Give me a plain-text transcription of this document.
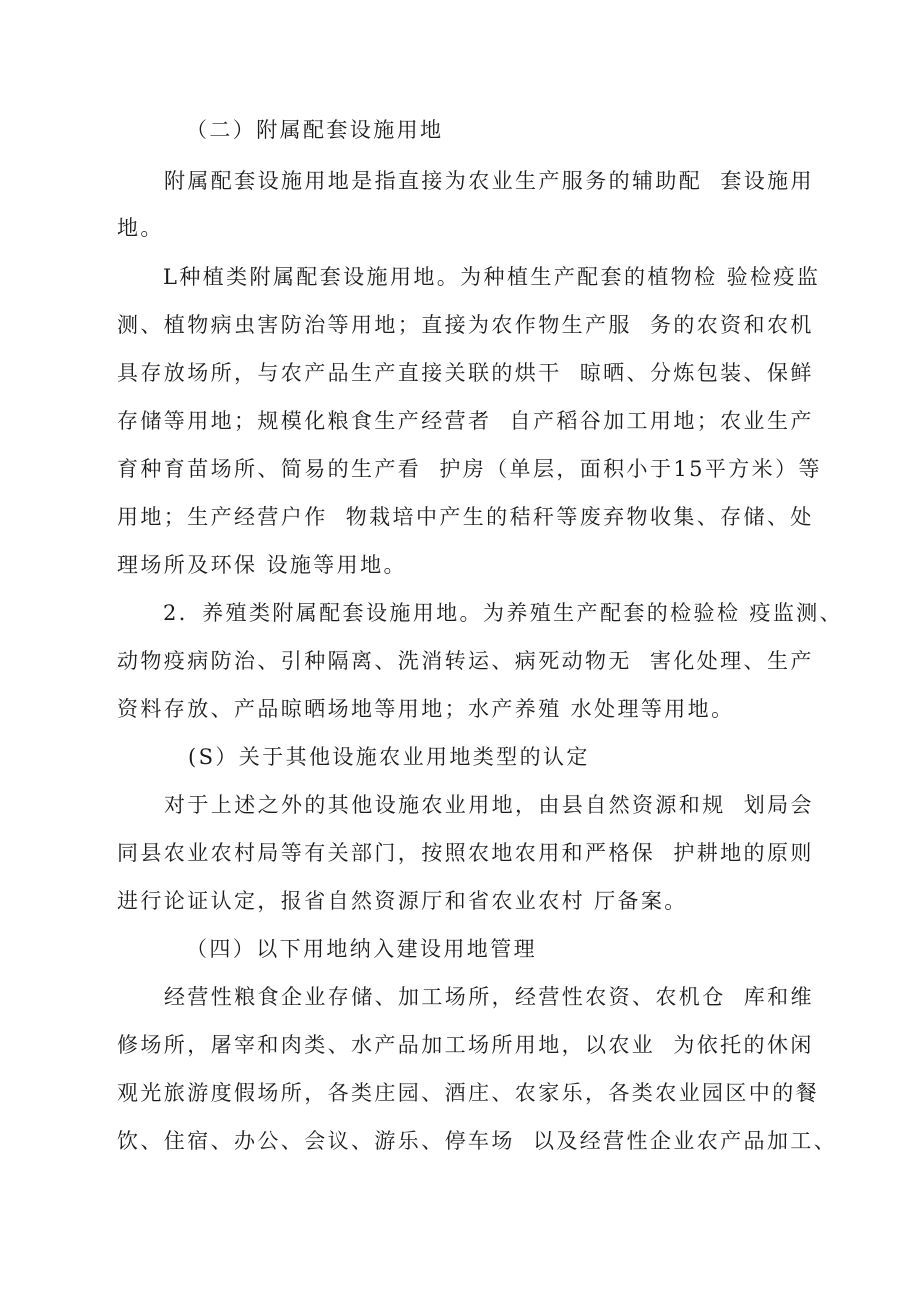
（二）附属配套设施用地
附属配套设施用地是指直接为农业生产服务的辅助配  套设施用
地。
L种植类附属配套设施用地。为种植生产配套的植物检 验检疫监
测、植物病虫害防治等用地；直接为农作物生产服  务的农资和农机
具存放场所，与农产品生产直接关联的烘干  晾晒、分炼包装、保鲜
存储等用地；规模化粮食生产经营者  自产稻谷加工用地；农业生产
育种育苗场所、简易的生产看  护房（单层，面积小于15平方米）等
用地；生产经营户作  物栽培中产生的秸秆等废弃物收集、存储、处
理场所及环保 设施等用地。
2．养殖类附属配套设施用地。为养殖生产配套的检验检 疫监测、
动物疫病防治、引种隔离、洗消转运、病死动物无  害化处理、生产
资料存放、产品晾晒场地等用地；水产养殖 水处理等用地。
(S）关于其他设施农业用地类型的认定
对于上述之外的其他设施农业用地，由县自然资源和规  划局会
同县农业农村局等有关部门，按照农地农用和严格保  护耕地的原则
进行论证认定，报省自然资源厅和省农业农村 厅备案。
（四）以下用地纳入建设用地管理
经营性粮食企业存储、加工场所，经营性农资、农机仓  库和维
修场所，屠宰和肉类、水产品加工场所用地，以农业  为依托的休闲
观光旅游度假场所，各类庄园、酒庄、农家乐，各类农业园区中的餐
饮、住宿、办公、会议、游乐、停车场  以及经营性企业农产品加工、
